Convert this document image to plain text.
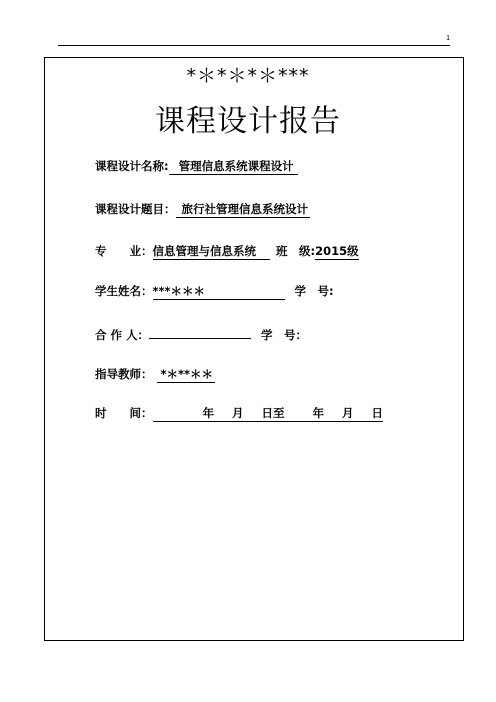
1
*＊*＊*＊***
课程设计报告
课程设计名称: 管理信息系统课程设计
课程设计题目： 旅行社管理信息系统设计
专　　业：信息管理与信息系统 班　级:2015级
学生姓名：***＊＊＊	学　号:
合 作 人：	学　号：
指导教师： *＊**＊＊
时　　间：	年 月 日至 年 月 日
